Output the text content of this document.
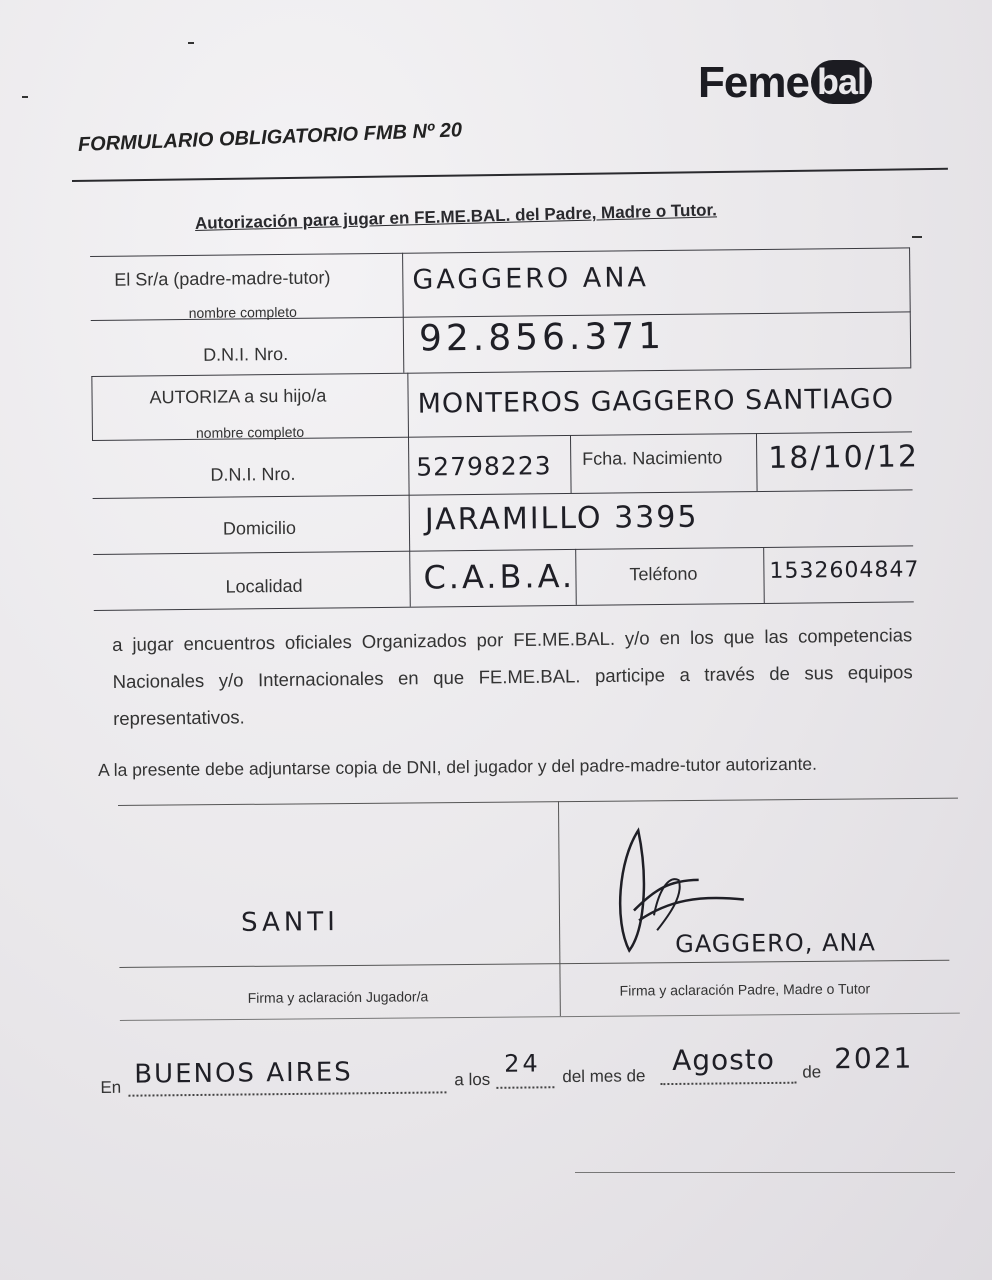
Feme bal
FORMULARIO OBLIGATORIO FMB Nº 20
Autorización para jugar en FE.ME.BAL. del Padre, Madre o Tutor.
El Sr/a (padre-madre-tutor)
nombre completo
GAGGERO ANA
D.N.I. Nro.	92.856.371
AUTORIZA a su hijo/a
nombre completo
MONTEROS GAGGERO SANTIAGO
D.N.I. Nro.	52798223 Fcha. Nacimiento 18/10/12
Domicilio	JARAMILLO 3395
Localidad	C.A.B.A.	Teléfono	1532604847
a jugar encuentros oficiales Organizados por FE.ME.BAL. y/o en los que las competencias Nacionales y/o Internacionales en que FE.ME.BAL. participe a través de sus equipos representativos.
A la presente debe adjuntarse copia de DNI, del jugador y del padre-madre-tutor autorizante.
SANTI
Firma y aclaración Jugador/a
GAGGERO, ANA
Firma y aclaración Padre, Madre o Tutor
En BUENOS AIRES	a los
24 del mes de Agosto de 2021
